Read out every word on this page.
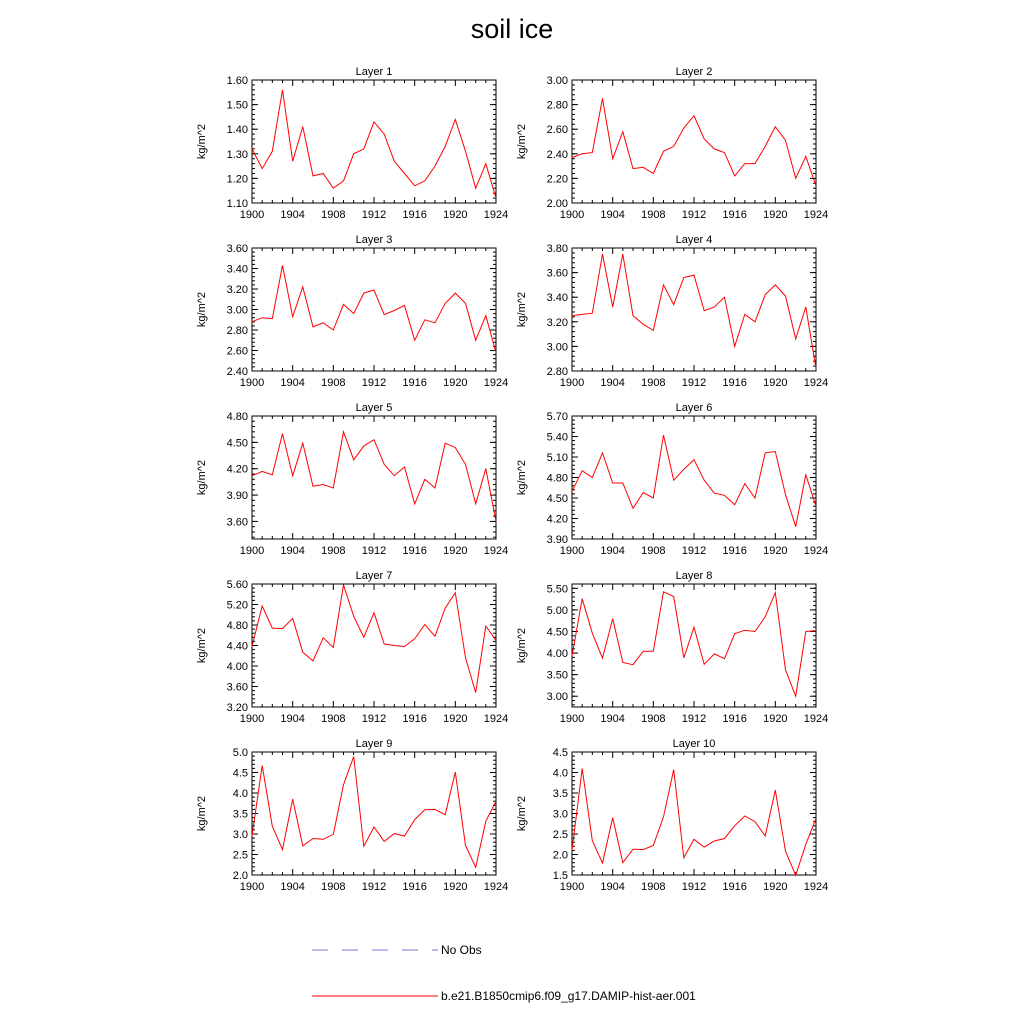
soil ice
Layer 1
kg/m^2
1900 1904 1908 1912 1916 1920 1924
1.10
1.20
1.30
1.40
1.50
1.60
Layer 2
kg/m^2
1900 1904 1908 1912 1916 1920 1924
2.00
2.20
2.40
2.60
2.80
3.00
Layer 3
kg/m^2
1900 1904 1908 1912 1916 1920 1924
2.40
2.60
2.80
3.00
3.20
3.40
3.60
Layer 4
kg/m^2
1900 1904 1908 1912 1916 1920 1924
2.80
3.00
3.20
3.40
3.60
3.80
Layer 5
kg/m^2
1900 1904 1908 1912 1916 1920 1924
3.60
3.90
4.20
4.50
4.80
Layer 6
kg/m^2
1900 1904 1908 1912 1916 1920 1924
3.90
4.20
4.50
4.80
5.10
5.40
5.70
Layer 7
kg/m^2
1900 1904 1908 1912 1916 1920 1924
3.20
3.60
4.00
4.40
4.80
5.20
5.60
Layer 8
kg/m^2
1900 1904 1908 1912 1916 1920 1924
3.00
3.50
4.00
4.50
5.00
5.50
Layer 9
kg/m^2
1900 1904 1908 1912 1916 1920 1924
2.0
2.5
3.0
3.5
4.0
4.5
5.0
Layer 10
kg/m^2
1900 1904 1908 1912 1916 1920 1924
1.5
2.0
2.5
3.0
3.5
4.0
4.5
No Obs
b.e21.B1850cmip6.f09_g17.DAMIP-hist-aer.001
